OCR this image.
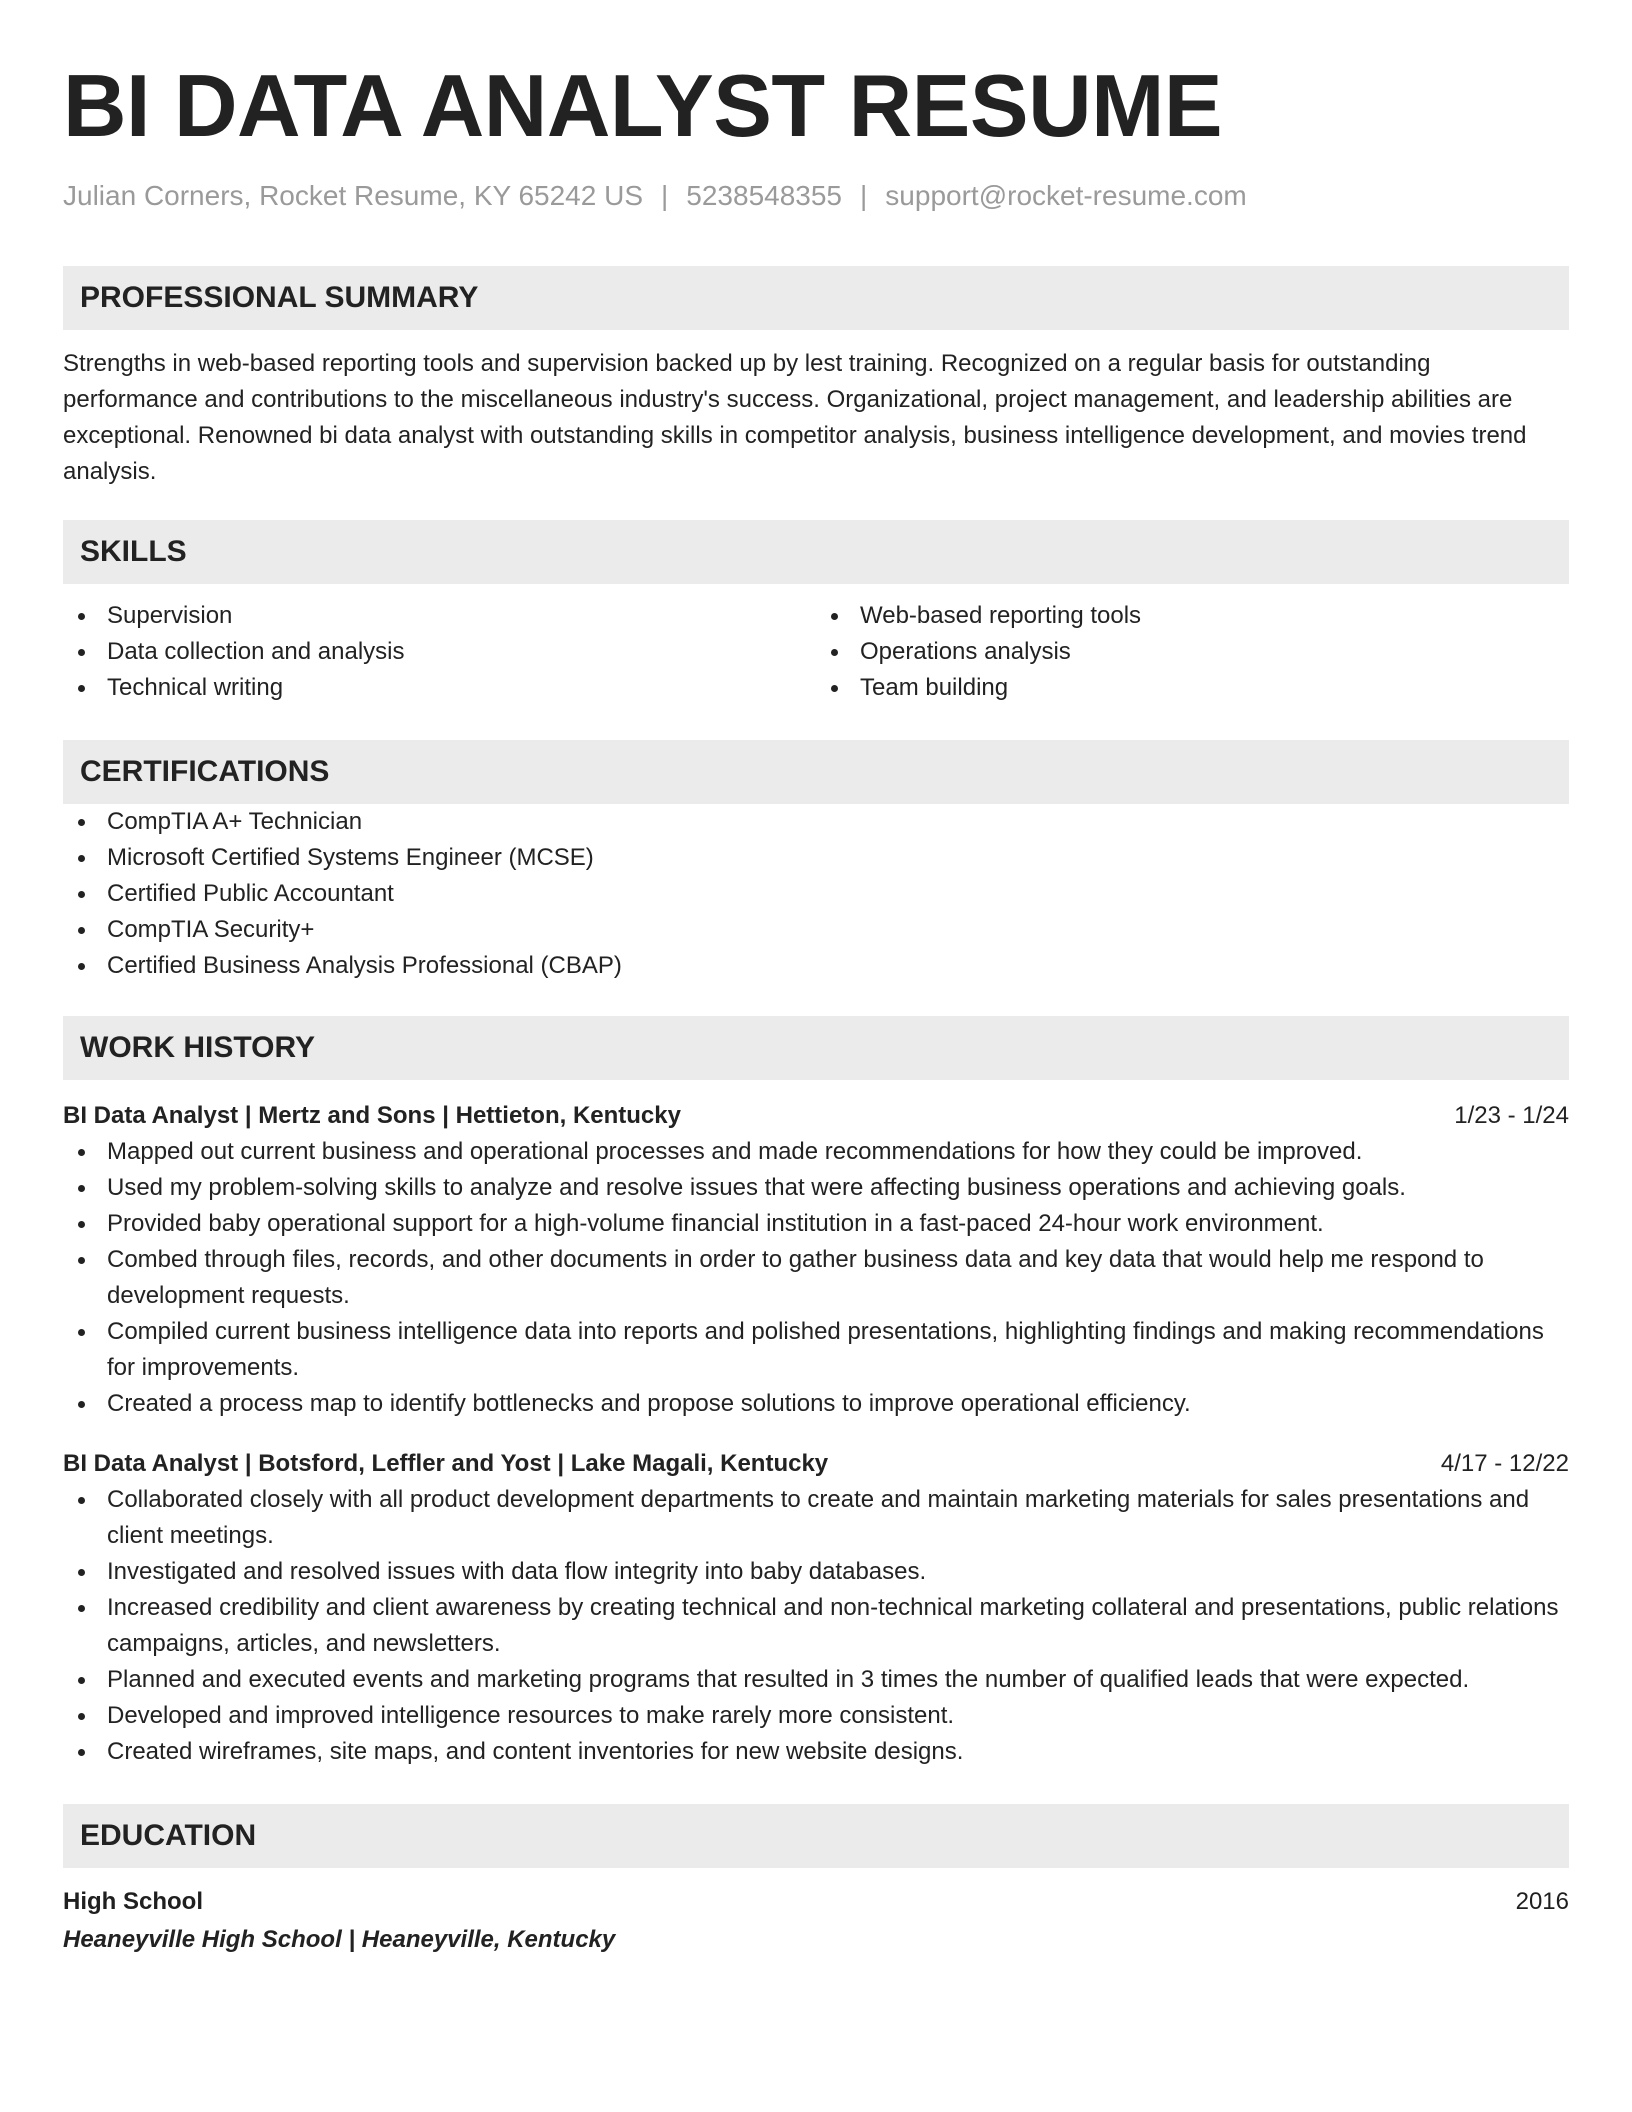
BI DATA ANALYST RESUME
Julian Corners, Rocket Resume, KY 65242 US | 5238548355 | support@rocket-resume.com
PROFESSIONAL SUMMARY
Strengths in web-based reporting tools and supervision backed up by lest training. Recognized on a regular basis for outstanding performance and contributions to the miscellaneous industry's success. Organizational, project management, and leadership abilities are exceptional. Renowned bi data analyst with outstanding skills in competitor analysis, business intelligence development, and movies trend analysis.
SKILLS
Supervision
Data collection and analysis
Technical writing
Web-based reporting tools
Operations analysis
Team building
CERTIFICATIONS
CompTIA A+ Technician
Microsoft Certified Systems Engineer (MCSE)
Certified Public Accountant
CompTIA Security+
Certified Business Analysis Professional (CBAP)
WORK HISTORY
BI Data Analyst | Mertz and Sons | Hettieton, Kentucky	1/23 - 1/24
Mapped out current business and operational processes and made recommendations for how they could be improved.
Used my problem-solving skills to analyze and resolve issues that were affecting business operations and achieving goals.
Provided baby operational support for a high-volume financial institution in a fast-paced 24-hour work environment.
Combed through files, records, and other documents in order to gather business data and key data that would help me respond to development requests.
Compiled current business intelligence data into reports and polished presentations, highlighting findings and making recommendations for improvements.
Created a process map to identify bottlenecks and propose solutions to improve operational efficiency.
BI Data Analyst | Botsford, Leffler and Yost | Lake Magali, Kentucky	4/17 - 12/22
Collaborated closely with all product development departments to create and maintain marketing materials for sales presentations and client meetings.
Investigated and resolved issues with data flow integrity into baby databases.
Increased credibility and client awareness by creating technical and non-technical marketing collateral and presentations, public relations campaigns, articles, and newsletters.
Planned and executed events and marketing programs that resulted in 3 times the number of qualified leads that were expected.
Developed and improved intelligence resources to make rarely more consistent.
Created wireframes, site maps, and content inventories for new website designs.
EDUCATION
High School	2016
Heaneyville High School | Heaneyville, Kentucky
